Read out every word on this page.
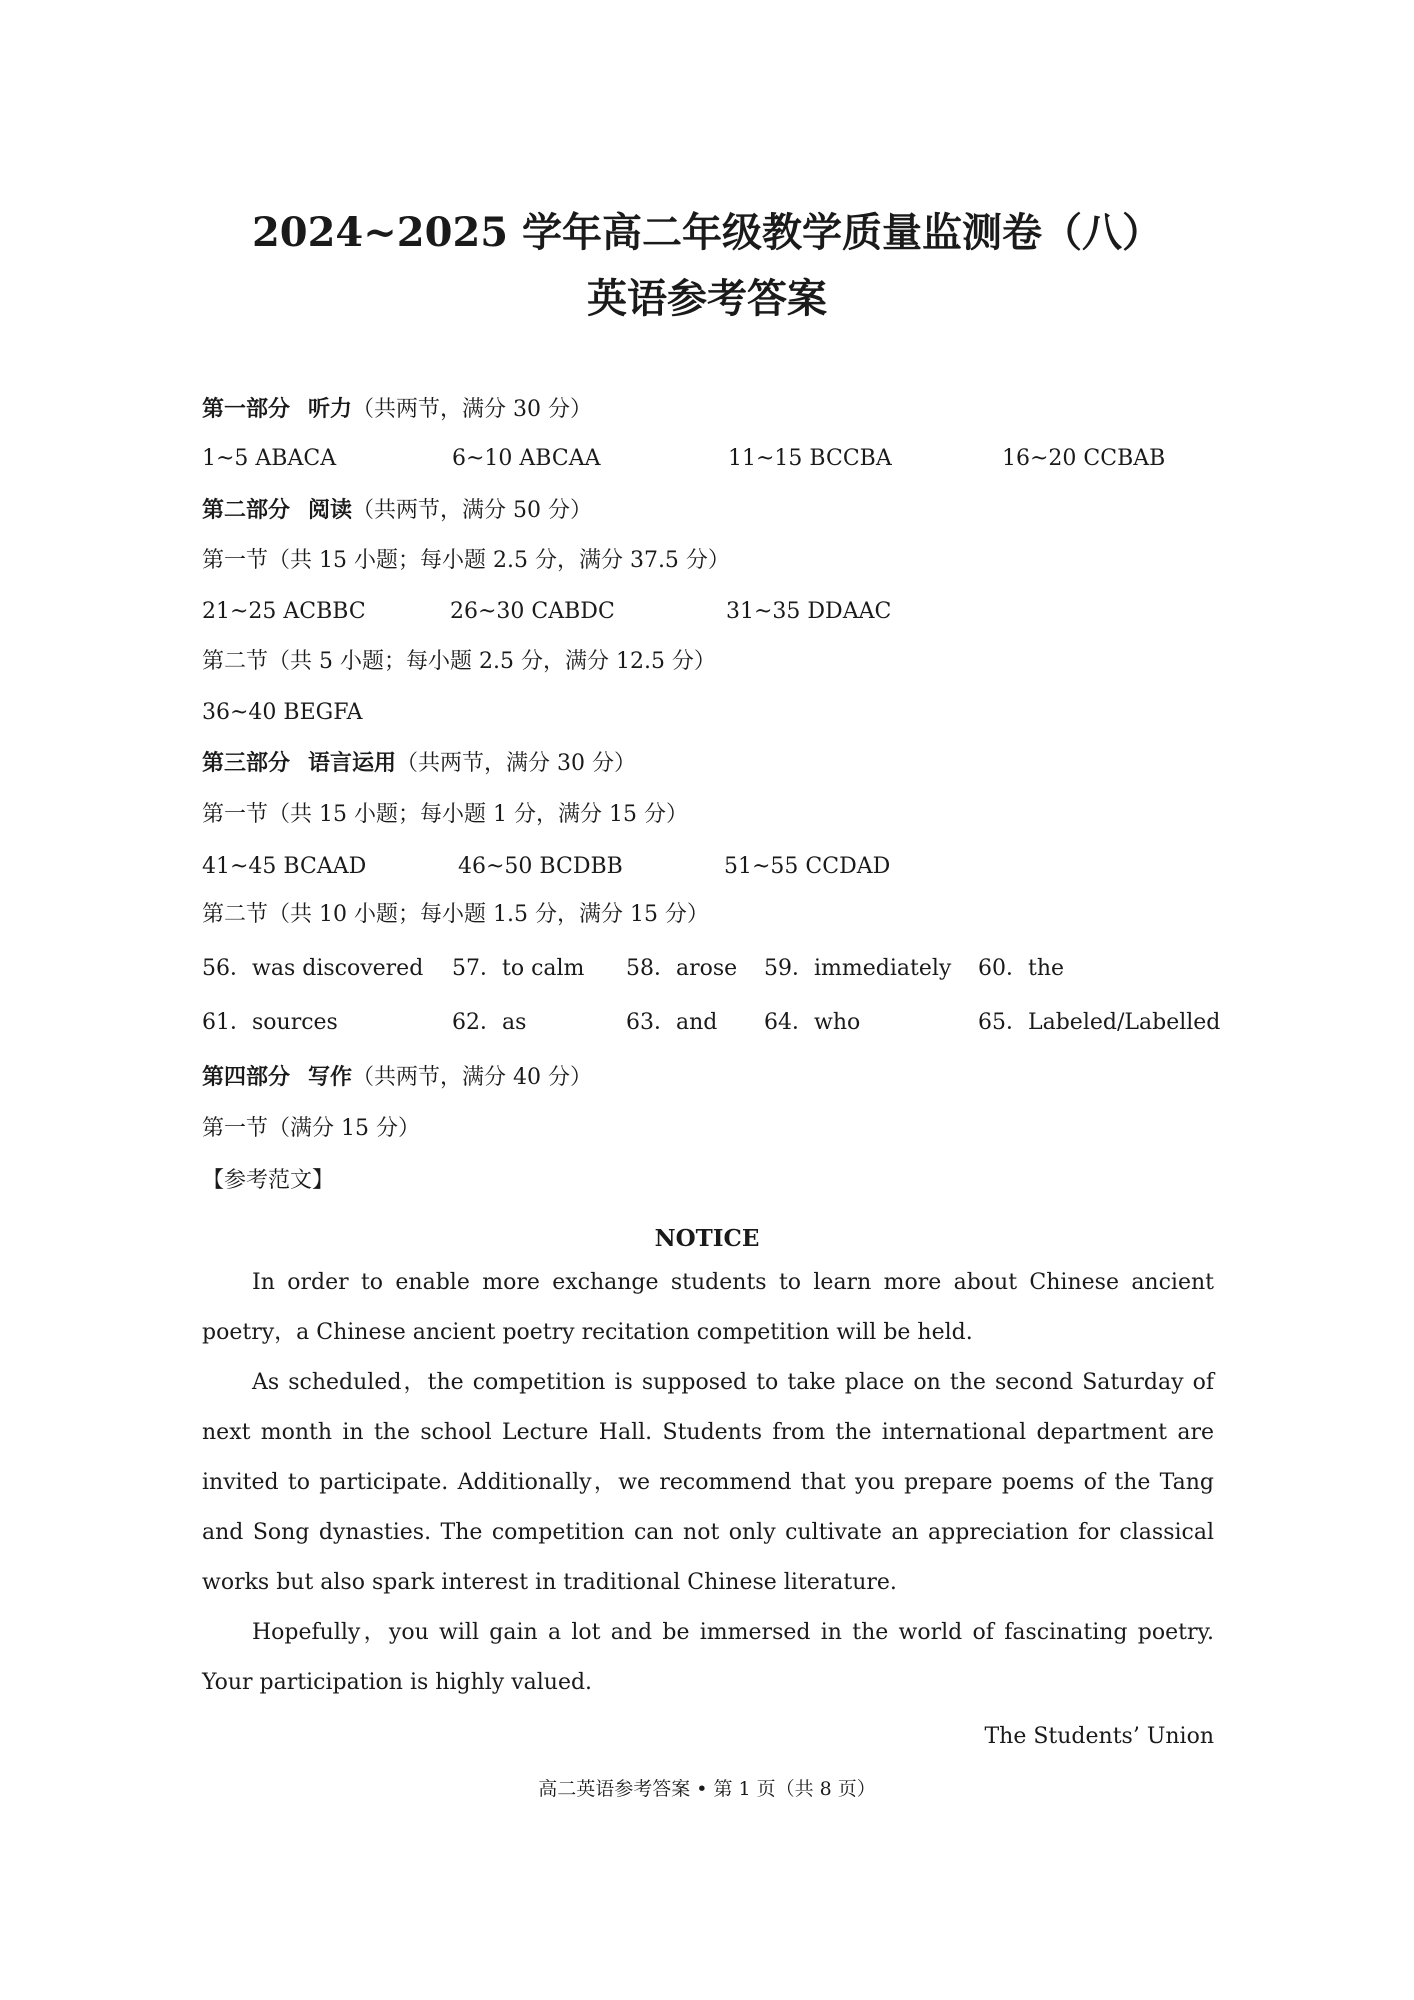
2024~2025 学年高二年级教学质量监测卷（八）
英语参考答案
第一部分 听力（共两节，满分 30 分）
1~5 ABACA	6~10 ABCAA	11~15 BCCBA	16~20 CCBAB
第二部分 阅读（共两节，满分 50 分）
第一节（共 15 小题；每小题 2.5 分，满分 37.5 分）
21~25 ACBBC	26~30 CABDC	31~35 DDAAC
第二节（共 5 小题；每小题 2.5 分，满分 12.5 分）
36~40 BEGFA
第三部分 语言运用（共两节，满分 30 分）
第一节（共 15 小题；每小题 1 分，满分 15 分）
41~45 BCAAD	46~50 BCDBB	51~55 CCDAD
第二节（共 10 小题；每小题 1.5 分，满分 15 分）
56．was discovered 57．to calm 58．arose 59．immediately 60．the
61．sources	62．as	63．and 64．who	65．Labeled/Labelled
第四部分 写作（共两节，满分 40 分）
第一节（满分 15 分）
【参考范文】
NOTICE

In order to enable more exchange students to learn more about Chinese ancient poetry，a Chinese ancient poetry recitation competition will be held.

As scheduled，the competition is supposed to take place on the second Saturday of next month in the school Lecture Hall. Students from the international department are invited to participate. Additionally，we recommend that you prepare poems of the Tang and Song dynasties. The competition can not only cultivate an appreciation for classical works but also spark interest in traditional Chinese literature.

Hopefully，you will gain a lot and be immersed in the world of fascinating poetry. Your participation is highly valued.

The Students’ Union
高二英语参考答案 • 第 1 页（共 8 页）
